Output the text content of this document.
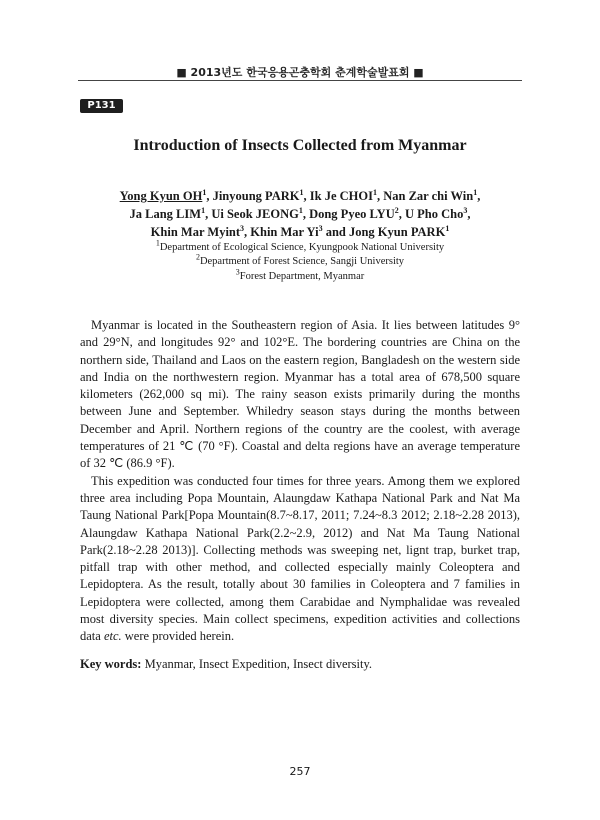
■ 2013년도 한국응용곤충학회 춘계학술발표회 ■
P131
Introduction of Insects Collected from Myanmar
Yong Kyun $OH^1$, Jinyoung PARK$^1$, Ik Je CHOI$^1$, Nan Zar chi Win$^1$,
Ja Lang LIM$^1$, Ui Seok JEONG$^1$, Dong Pyeo LYU$^2$, U Pho Cho$^3$,
Khin Mar Myint$^3$, Khin Mar Yi$^3$ and Jong Kyun PARK$^1$
$^1$Department of Ecological Science, Kyungpook National University
$^2$Department of Forest Science, Sangji University
$^3$Forest Department, Myanmar

Myanmar is located in the Southeastern region of Asia. It lies between latitudes 9° and 29°N, and longitudes 92° and 102°E. The bordering countries are China on the northern side, Thailand and Laos on the eastern region, Bangladesh on the western side and India on the northwestern region. Myanmar has a total area of 678,500 square kilometers (262,000 sq mi). The rainy season exists primarily during the months between June and September. Whiledry season stays during the months between December and April. Northern regions of the country are the coolest, with average temperatures of 21 ℃ (70 °F). Coastal and delta regions have an average temperature of 32 ℃ (86.9 °F).

This expedition was conducted four times for three years. Among them we explored three area including Popa Mountain, Alaungdaw Kathapa National Park and Nat Ma Taung National Park[Popa Mountain(8.7~8.17, 2011; 7.24~8.3 2012; 2.18~2.28 2013), Alaungdaw Kathapa National Park(2.2~2.9, 2012) and Nat Ma Taung National Park(2.18~2.28 2013)]. Collecting methods was sweeping net, lignt trap, burket trap, pitfall trap with other method, and collected especially mainly Coleoptera and Lepidoptera. As the result, totally about 30 families in Coleoptera and 7 families in Lepidoptera were collected, among them Carabidae and Nymphalidae was revealed most diversity species. Main collect specimens, expedition activities and collections data etc. were provided herein.

Key words: Myanmar, Insect Expedition, Insect diversity.
257
